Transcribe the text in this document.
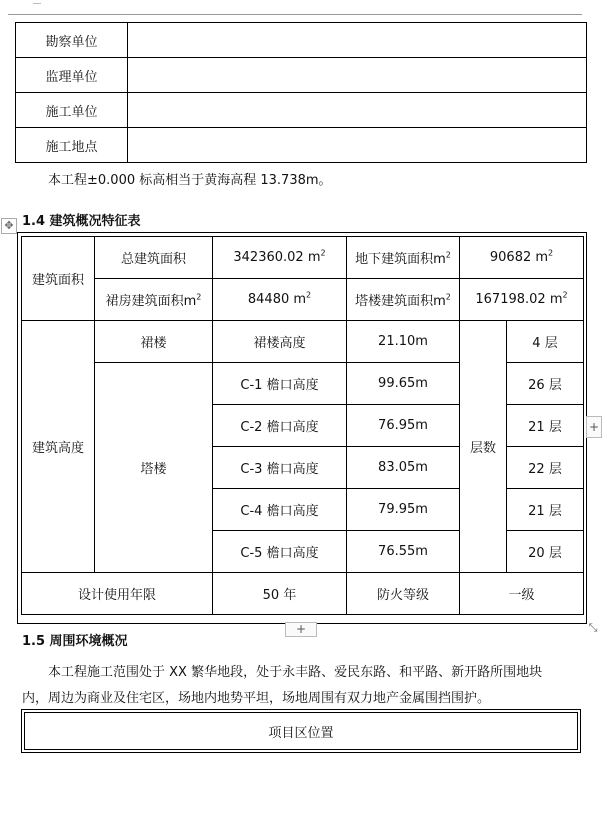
勘察单位	
监理单位	
施工单位	
施工地点	
本工程±0.000 标高相当于黄海高程 13.738m。
✥ 1.4 建筑概况特征表
建筑面积	总建筑面积	342360.02 $m^2$	地下建筑面积$m^2$	90682 $m^2$
	裙房建筑面积$m^2$	84480 $m^2$	塔楼建筑面积$m^2$	167198.02 $m^2$
建筑高度	裙楼	裙楼高度	21.10m	层数	4 层
	塔楼	C-1 檐口高度	99.65m		26 层
		C-2 檐口高度	76.95m		21 层
		C-3 檐口高度	83.05m		22 层
		C-4 檐口高度	79.95m		21 层
		C-5 檐口高度	76.55m		20 层
设计使用年限		50 年	防火等级	一级	
+
+	⤡
1.5 周围环境概况
本工程施工范围处于 XX 繁华地段，处于永丰路、爱民东路、和平路、新开路所围地块
内，周边为商业及住宅区，场地内地势平坦，场地周围有双力地产金属围挡围护。
项目区位置
